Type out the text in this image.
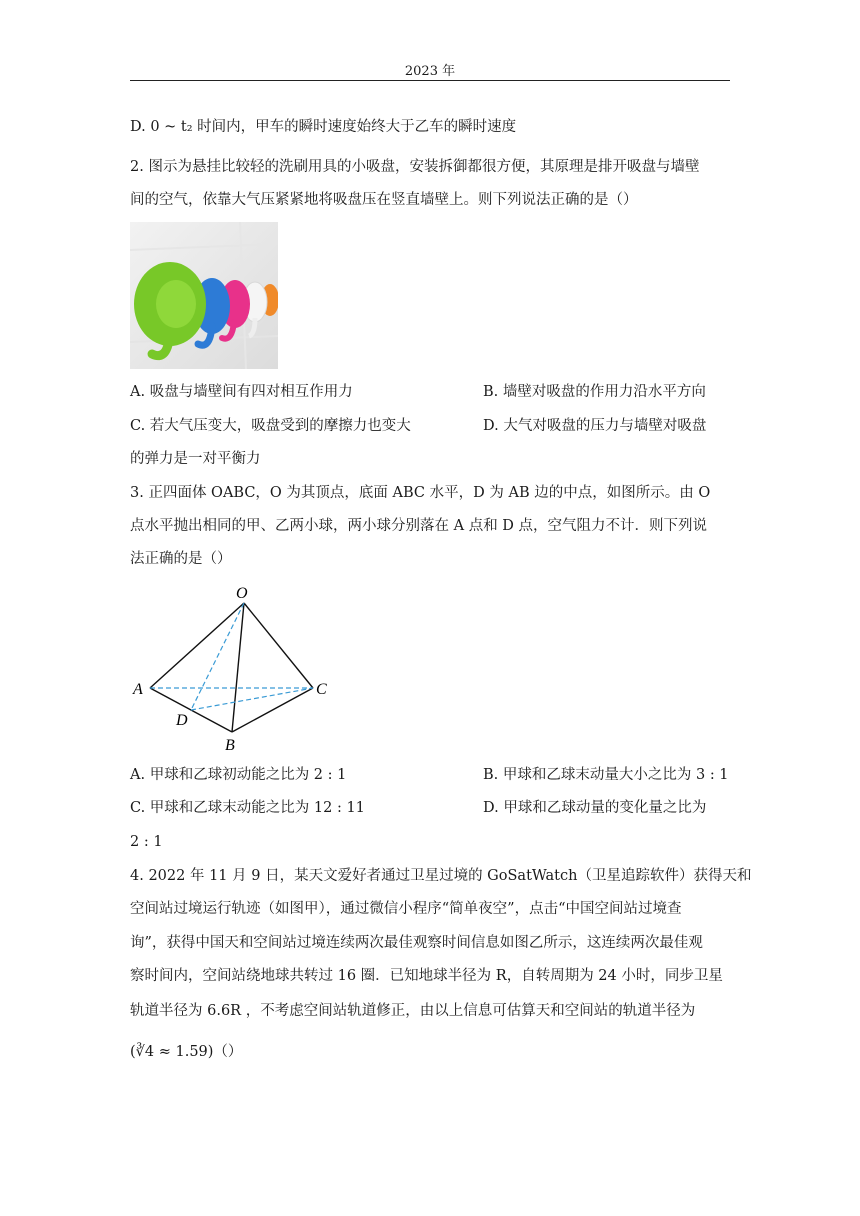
2023 年
D. 0 ~ t₂ 时间内，甲车的瞬时速度始终大于乙车的瞬时速度
2. 图示为悬挂比较轻的洗刷用具的小吸盘，安装拆御都很方便，其原理是排开吸盘与墙壁
间的空气，依靠大气压紧紧地将吸盘压在竖直墙壁上。则下列说法正确的是（）
A. 吸盘与墙壁间有四对相互作用力	B. 墙壁对吸盘的作用力沿水平方向
C. 若大气压变大，吸盘受到的摩擦力也变大	D. 大气对吸盘的压力与墙壁对吸盘
的弹力是一对平衡力
3. 正四面体 OABC，O 为其顶点，底面 ABC 水平，D 为 AB 边的中点，如图所示。由 O
点水平抛出相同的甲、乙两小球，两小球分别落在 A 点和 D 点，空气阻力不计．则下列说
法正确的是（）
O
A	C
D
B
A. 甲球和乙球初动能之比为 2 : 1	B. 甲球和乙球末动量大小之比为 3 : 1
C. 甲球和乙球末动能之比为 12 : 11	D. 甲球和乙球动量的变化量之比为
2 : 1
4. 2022 年 11 月 9 日，某天文爱好者通过卫星过境的 GoSatWatch（卫星追踪软件）获得天和
空间站过境运行轨迹（如图甲），通过微信小程序“简单夜空”，点击“中国空间站过境查
询”，获得中国天和空间站过境连续两次最佳观察时间信息如图乙所示，这连续两次最佳观
察时间内，空间站绕地球共转过 16 圈．已知地球半径为 R，自转周期为 24 小时，同步卫星
轨道半径为 6.6R ，不考虑空间站轨道修正，由以上信息可估算天和空间站的轨道半径为
(∛4 ≈ 1.59)（）
